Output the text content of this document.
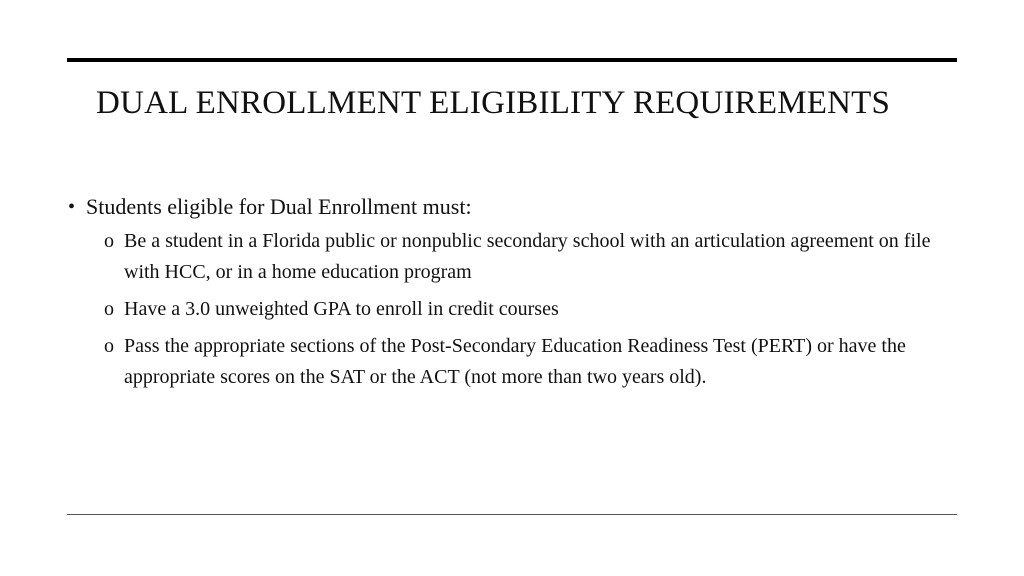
DUAL ENROLLMENT ELIGIBILITY REQUIREMENTS
• Students eligible for Dual Enrollment must:
o Be a student in a Florida public or nonpublic secondary school with an articulation agreement on file with HCC, or in a home education program
o Have a 3.0 unweighted GPA to enroll in credit courses
o Pass the appropriate sections of the Post-Secondary Education Readiness Test (PERT) or have the appropriate scores on the SAT or the ACT (not more than two years old).
